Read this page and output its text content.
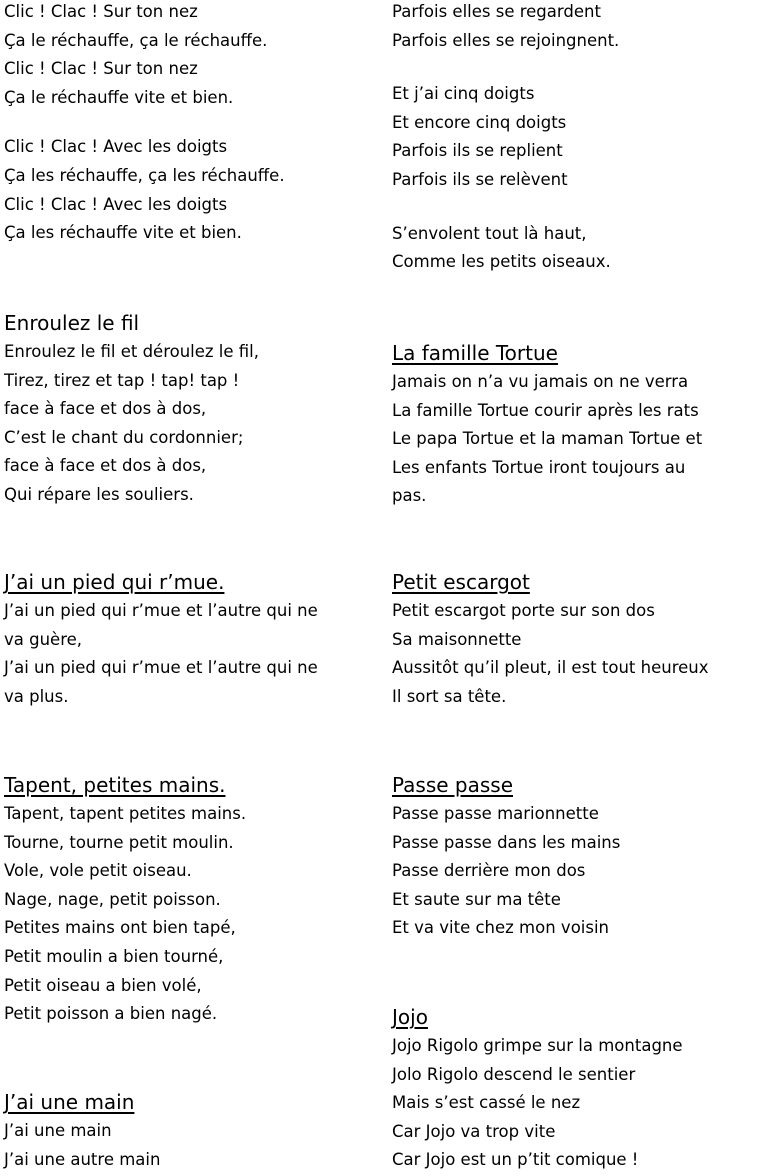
Clic ! Clac ! Sur ton nez
Ça le réchauffe, ça le réchauffe.
Clic ! Clac ! Sur ton nez
Ça le réchauffe vite et bien.
Clic ! Clac ! Avec les doigts
Ça les réchauffe, ça les réchauffe.
Clic ! Clac ! Avec les doigts
Ça les réchauffe vite et bien.
Parfois elles se regardent
Parfois elles se rejoingnent.
Et j’ai cinq doigts
Et encore cinq doigts
Parfois ils se replient
Parfois ils se relèvent
S’envolent tout là haut,
Comme les petits oiseaux.
Enroulez le fil
Enroulez le fil et déroulez le fil,
Tirez, tirez et tap ! tap! tap !
face à face et dos à dos,
C’est le chant du cordonnier;
face à face et dos à dos,
Qui répare les souliers.
La famille Tortue
Jamais on n’a vu jamais on ne verra
La famille Tortue courir après les rats
Le papa Tortue et la maman Tortue et
Les enfants Tortue iront toujours au
pas.
J’ai un pied qui r’mue.
J’ai un pied qui r’mue et l’autre qui ne
va guère,
J’ai un pied qui r’mue et l’autre qui ne
va plus.
Petit escargot
Petit escargot porte sur son dos
Sa maisonnette
Aussitôt qu’il pleut, il est tout heureux
Il sort sa tête.
Tapent, petites mains.
Tapent, tapent petites mains.
Tourne, tourne petit moulin.
Vole, vole petit oiseau.
Nage, nage, petit poisson.
Petites mains ont bien tapé,
Petit moulin a bien tourné,
Petit oiseau a bien volé,
Petit poisson a bien nagé.
Passe passe
Passe passe marionnette
Passe passe dans les mains
Passe derrière mon dos
Et saute sur ma tête
Et va vite chez mon voisin
J’ai une main
J’ai une main
J’ai une autre main
Jojo
Jojo Rigolo grimpe sur la montagne
Jolo Rigolo descend le sentier
Mais s’est cassé le nez
Car Jojo va trop vite
Car Jojo est un p’tit comique !
